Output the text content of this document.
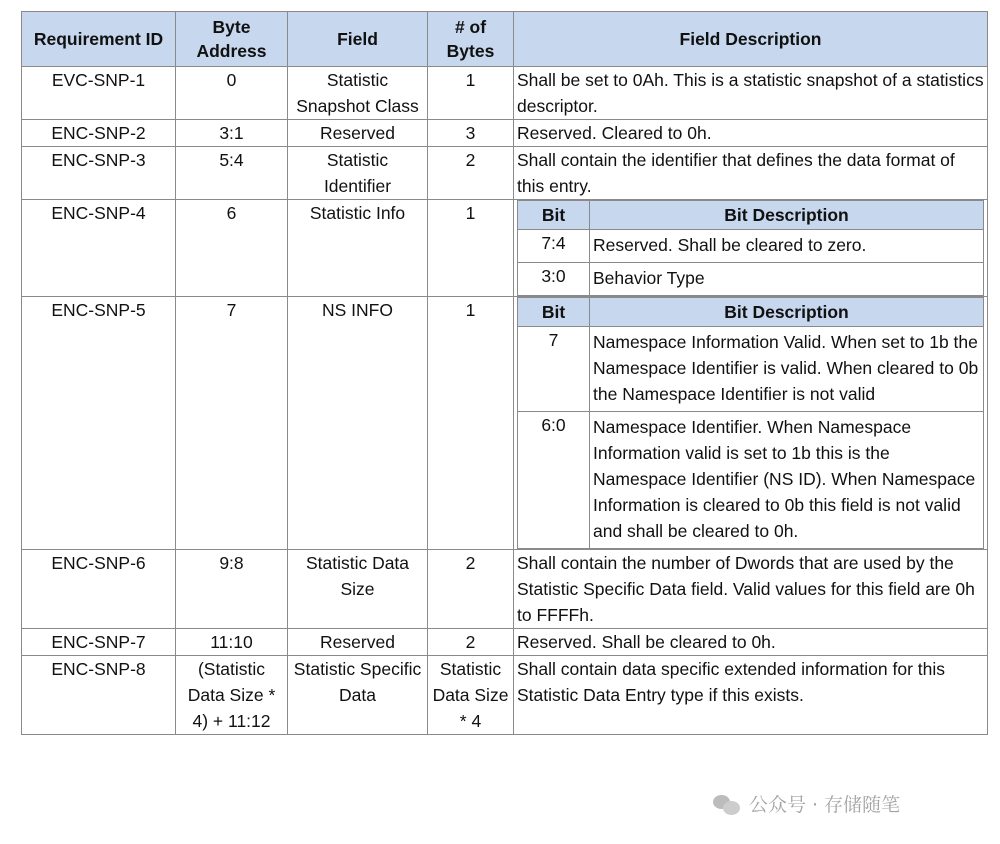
Requirement ID	Byte Address	Field	# of Bytes	Field Description
EVC-SNP-1	0	Statistic Snapshot Class	1	Shall be set to 0Ah. This is a statistic snapshot of a statistics descriptor.
ENC-SNP-2	3:1	Reserved	3	Reserved. Cleared to 0h.
ENC-SNP-3	5:4	Statistic Identifier	2	Shall contain the identifier that defines the data format of this entry.
ENC-SNP-4	6	Statistic Info	1		Bit	Bit Description
7:4	Reserved. Shall be cleared to zero.
3:0	Behavior Type

ENC-SNP-5	7	NS INFO	1		Bit	Bit Description
7	Namespace Information Valid. When set to 1b the Namespace Identifier is valid. When cleared to 0b the Namespace Identifier is not valid
6:0	Namespace Identifier. When Namespace Information valid is set to 1b this is the Namespace Identifier (NS ID). When Namespace Information is cleared to 0b this field is not valid and shall be cleared to 0h.

ENC-SNP-6	9:8	Statistic Data Size	2	Shall contain the number of Dwords that are used by the Statistic Specific Data field. Valid values for this field are 0h to FFFFh.
ENC-SNP-7	11:10	Reserved	2	Reserved. Shall be cleared to 0h.
ENC-SNP-8	(Statistic Data Size * 4) + 11:12	Statistic Specific Data	Statistic Data Size * 4	Shall contain data specific extended information for this Statistic Data Entry type if this exists.
公众号 · 存储随笔
